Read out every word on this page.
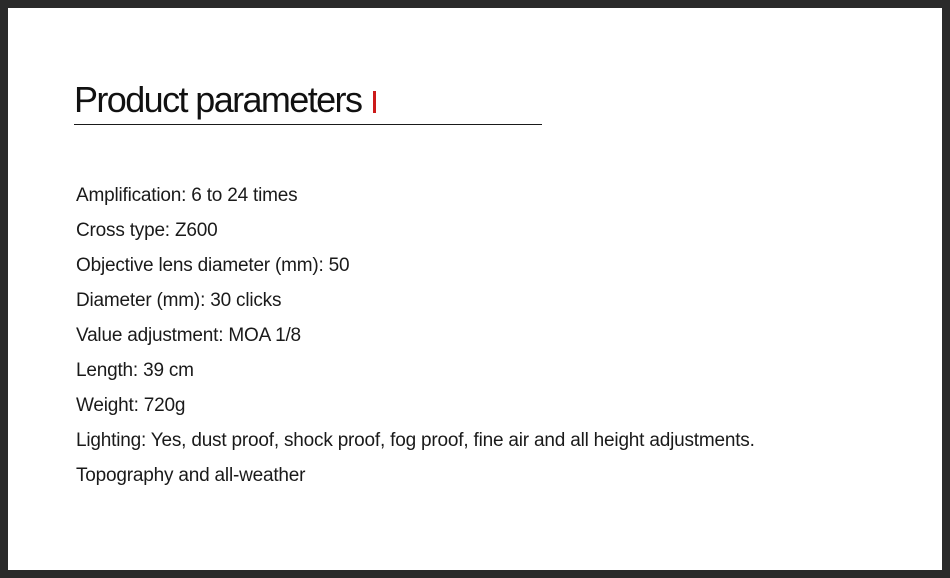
Product parameters
Amplification: 6 to 24 times
Cross type: Z600
Objective lens diameter (mm): 50
Diameter (mm): 30 clicks
Value adjustment: MOA 1/8
Length: 39 cm
Weight: 720g
Lighting: Yes, dust proof, shock proof, fog proof, fine air and all height adjustments.
Topography and all-weather
